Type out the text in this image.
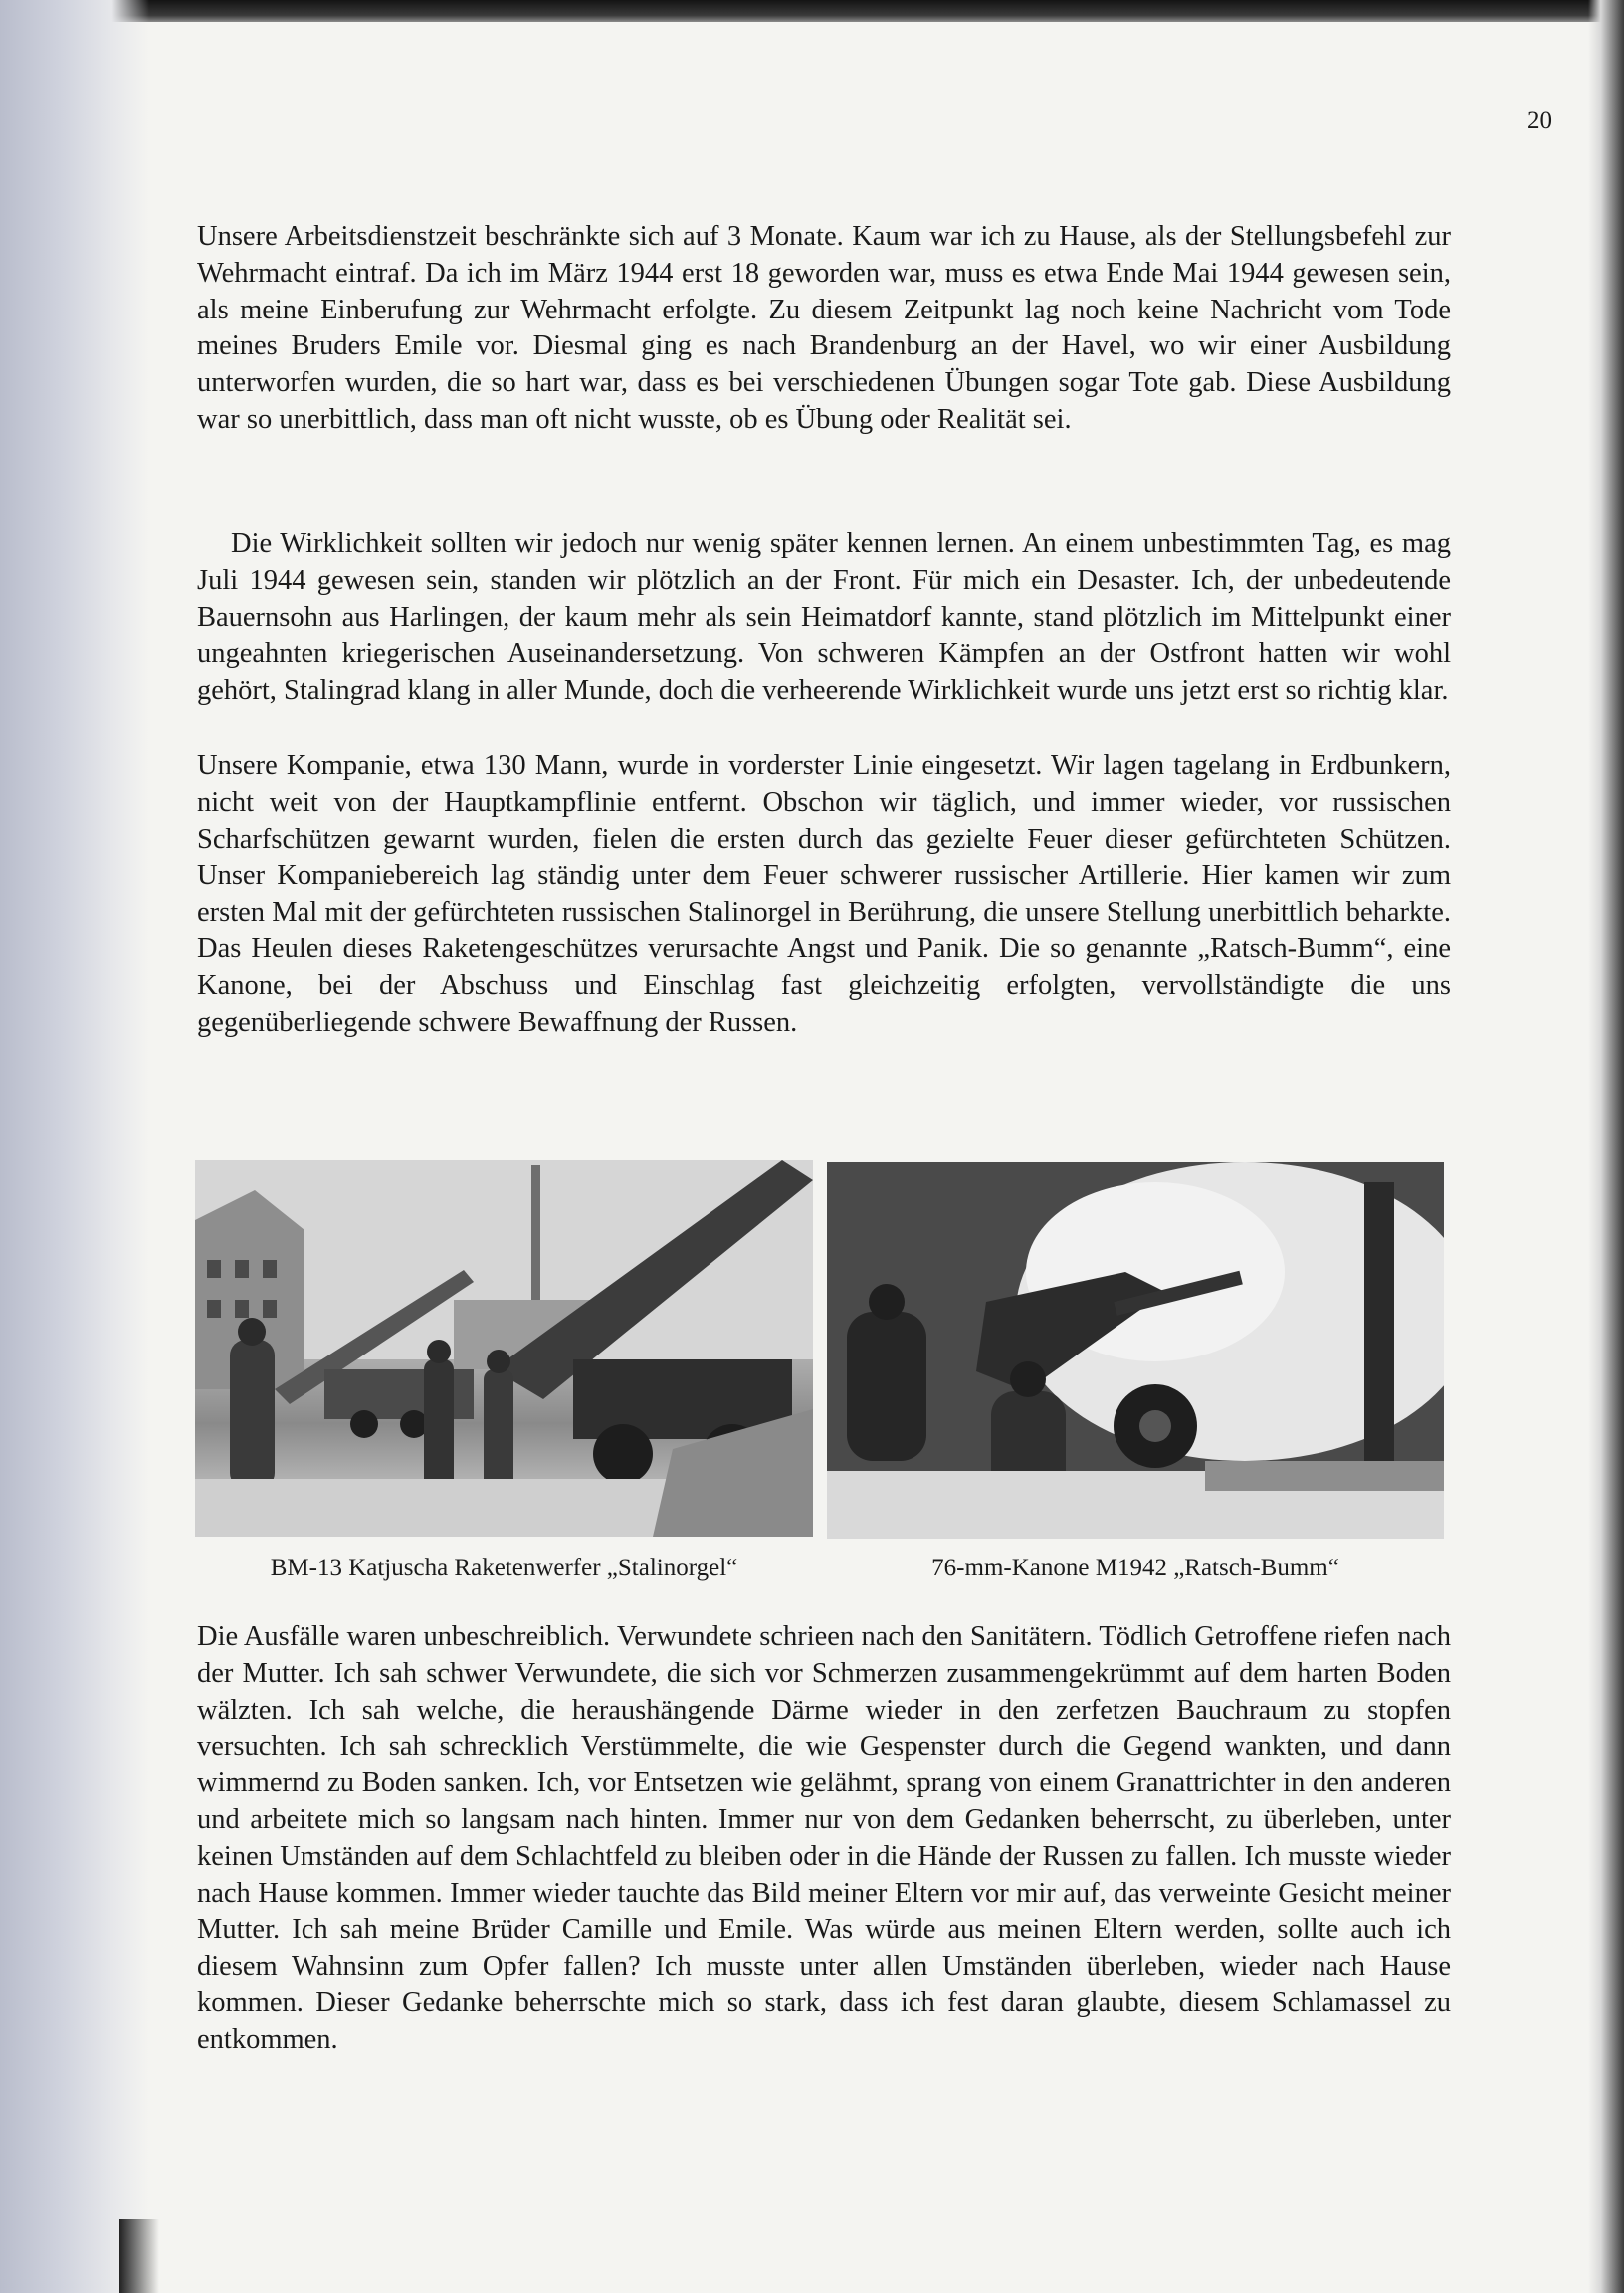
20

Unsere Arbeitsdienstzeit beschränkte sich auf 3 Monate. Kaum war ich zu Hause, als der Stellungsbefehl zur Wehrmacht eintraf. Da ich im März 1944 erst 18 geworden war, muss es etwa Ende Mai 1944 gewesen sein, als meine Einberufung zur Wehrmacht erfolgte. Zu diesem Zeitpunkt lag noch keine Nachricht vom Tode meines Bruders Emile vor. Diesmal ging es nach Brandenburg an der Havel, wo wir einer Ausbildung unterworfen wurden, die so hart war, dass es bei verschiedenen Übungen sogar Tote gab. Diese Ausbildung war so unerbittlich, dass man oft nicht wusste, ob es Übung oder Realität sei.

Die Wirklichkeit sollten wir jedoch nur wenig später kennen lernen. An einem unbestimmten Tag, es mag Juli 1944 gewesen sein, standen wir plötzlich an der Front. Für mich ein Desaster. Ich, der unbedeutende Bauernsohn aus Harlingen, der kaum mehr als sein Heimatdorf kannte, stand plötzlich im Mittelpunkt einer ungeahnten kriegerischen Auseinandersetzung. Von schweren Kämpfen an der Ostfront hatten wir wohl gehört, Stalingrad klang in aller Munde, doch die verheerende Wirklichkeit wurde uns jetzt erst so richtig klar.

Unsere Kompanie, etwa 130 Mann, wurde in vorderster Linie eingesetzt. Wir lagen tagelang in Erdbunkern, nicht weit von der Hauptkampflinie entfernt. Obschon wir täglich, und immer wieder, vor russischen Scharfschützen gewarnt wurden, fielen die ersten durch das gezielte Feuer dieser gefürchteten Schützen. Unser Kompaniebereich lag ständig unter dem Feuer schwerer russischer Artillerie. Hier kamen wir zum ersten Mal mit der gefürchteten russischen Stalinorgel in Berührung, die unsere Stellung unerbittlich beharkte. Das Heulen dieses Raketengeschützes verursachte Angst und Panik. Die so genannte „Ratsch-Bumm“, eine Kanone, bei der Abschuss und Einschlag fast gleichzeitig erfolgten, vervollständigte die uns gegenüberliegende schwere Bewaffnung der Russen.

BM-13 Katjuscha Raketenwerfer „Stalinorgel“	76-mm-Kanone M1942 „Ratsch-Bumm“

Die Ausfälle waren unbeschreiblich. Verwundete schrieen nach den Sanitätern. Tödlich Getroffene riefen nach der Mutter. Ich sah schwer Verwundete, die sich vor Schmerzen zusammengekrümmt auf dem harten Boden wälzten. Ich sah welche, die heraushängende Därme wieder in den zerfetzen Bauchraum zu stopfen versuchten. Ich sah schrecklich Verstümmelte, die wie Gespenster durch die Gegend wankten, und dann wimmernd zu Boden sanken. Ich, vor Entsetzen wie gelähmt, sprang von einem Granattrichter in den anderen und arbeitete mich so langsam nach hinten. Immer nur von dem Gedanken beherrscht, zu überleben, unter keinen Umständen auf dem Schlachtfeld zu bleiben oder in die Hände der Russen zu fallen. Ich musste wieder nach Hause kommen. Immer wieder tauchte das Bild meiner Eltern vor mir auf, das verweinte Gesicht meiner Mutter. Ich sah meine Brüder Camille und Emile. Was würde aus meinen Eltern werden, sollte auch ich diesem Wahnsinn zum Opfer fallen? Ich musste unter allen Umständen überleben, wieder nach Hause kommen. Dieser Gedanke beherrschte mich so stark, dass ich fest daran glaubte, diesem Schlamassel zu entkommen.
